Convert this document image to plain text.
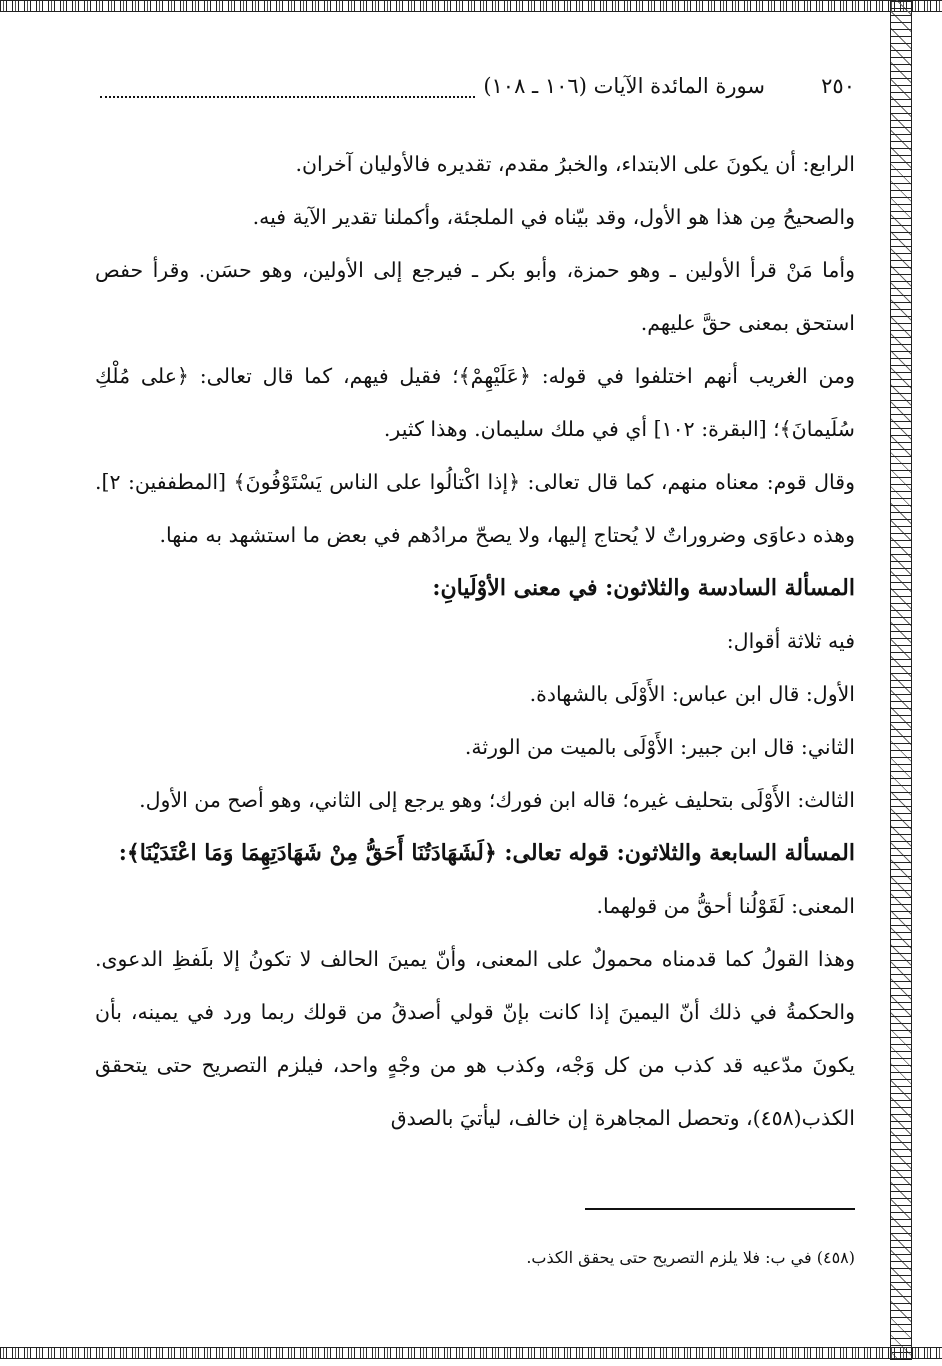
٢٥٠
سورة المائدة الآيات (١٠٦ ـ ١٠٨)

الرابع: أن يكونَ على الابتداء، والخبرُ مقدم، تقديره فالأوليان آخران.

والصحيحُ مِن هذا هو الأول، وقد بيّناه في الملجئة، وأكملنا تقدير الآية فيه.

وأما مَنْ قرأ الأولين ـ وهو حمزة، وأبو بكر ـ فيرجع إلى الأولين، وهو حسَن. وقرأ حفص استحق بمعنى حقَّ عليهم.

ومن الغريب أنهم اختلفوا في قوله: ﴿عَلَيْهِمْ﴾؛ فقيل فيهم، كما قال تعالى: ﴿على مُلْكِ سُلَيمانَ﴾؛ [البقرة: ١٠٢] أي في ملك سليمان. وهذا كثير.

وقال قوم: معناه منهم، كما قال تعالى: ﴿إذا اكْتالُوا على الناس يَسْتَوْفُونَ﴾ [المطففين: ٢]. وهذه دعاوَى وضروراتٌ لا يُحتاج إليها، ولا يصحّ مرادُهم في بعض ما استشهد به منها.

المسألة السادسة والثلاثون: في معنى الأوْلَيانِ:

فيه ثلاثة أقوال:

الأول: قال ابن عباس: الأَوْلَى بالشهادة.

الثاني: قال ابن جبير: الأَوْلَى بالميت من الورثة.

الثالث: الأَوْلَى بتحليف غيره؛ قاله ابن فورك؛ وهو يرجع إلى الثاني، وهو أصح من الأول.

المسألة السابعة والثلاثون: قوله تعالى: ﴿لَشَهَادَتُنَا أَحَقُّ مِنْ شَهَادَتِهِمَا وَمَا اعْتَدَيْنَا﴾:

المعنى: لَقَوْلُنا أحقُّ من قولهما.

وهذا القولُ كما قدمناه محمولٌ على المعنى، وأنّ يمينَ الحالف لا تكونُ إلا بلَفظِ الدعوى. والحكمةُ في ذلك أنّ اليمينَ إذا كانت بإنّ قولي أصدقُ من قولك ربما ورد في يمينه، بأن يكونَ مدّعيه قد كذب من كل وَجْه، وكذب هو من وجْهٍ واحد، فيلزم التصريح حتى يتحقق الكذب(٤٥٨)، وتحصل المجاهرة إن خالف، ليأتيَ بالصدق

(٤٥٨) في ب: فلا يلزم التصريح حتى يحقق الكذب.
